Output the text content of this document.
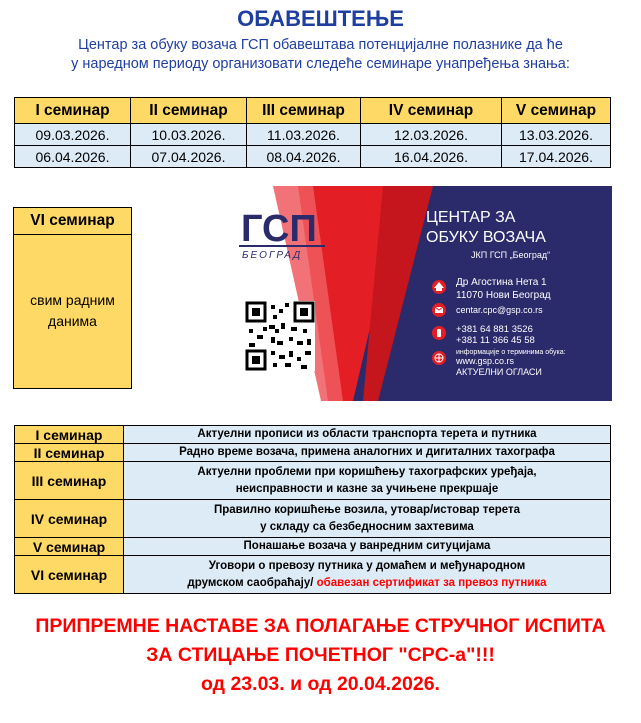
ОБАВЕШТЕЊЕ
Центар за обуку возача ГСП обавештава потенцијалне полазнике да ће
у наредном периоду организовати следеће семинаре унапређења знања:
I семинар	II семинар	III семинар	IV семинар	V семинар
09.03.2026.	10.03.2026.	11.03.2026.	12.03.2026.	13.03.2026.
06.04.2026.	07.04.2026.	08.04.2026.	16.04.2026.	17.04.2026.
VI семинар
свим радним
данима
ГСП
БЕОГРАД
ЦЕНТАР ЗА
ОБУКУ ВОЗАЧА
ЈКП ГСП „Београд“
Др Агостина Нета 1
11070 Нови Београд
centar.cpc@gsp.co.rs
+381 64 881 3526
+381 11 366 45 58
информације о терминима обука:
www.gsp.co.rs
АКТУЕЛНИ ОГЛАСИ
I семинар	Актуелни прописи из области транспорта терета и путника

II семинар	Радно време возача, примена аналогних и дигиталних тахографа

III семинар	Актуелни проблеми при коришћењу тахографских уређаја,
неисправности и казне за учињене прекршаје

IV семинар	Правилно коришћење возила, утовар/истовар терета
у складу са безбедносним захтевима

V семинар	Понашање возача у ванредним ситуцијама

VI семинар	Уговори о превозу путника у домаћем и међународном
друмском саобраћају/ обавезан сертификат за превоз путника
ПРИПРЕМНЕ НАСТАВЕ ЗА ПОЛАГАЊЕ СТРУЧНОГ ИСПИТА
ЗА СТИЦАЊЕ ПОЧЕТНОГ "CPC-а"!!!
од 23.03. и од 20.04.2026.
